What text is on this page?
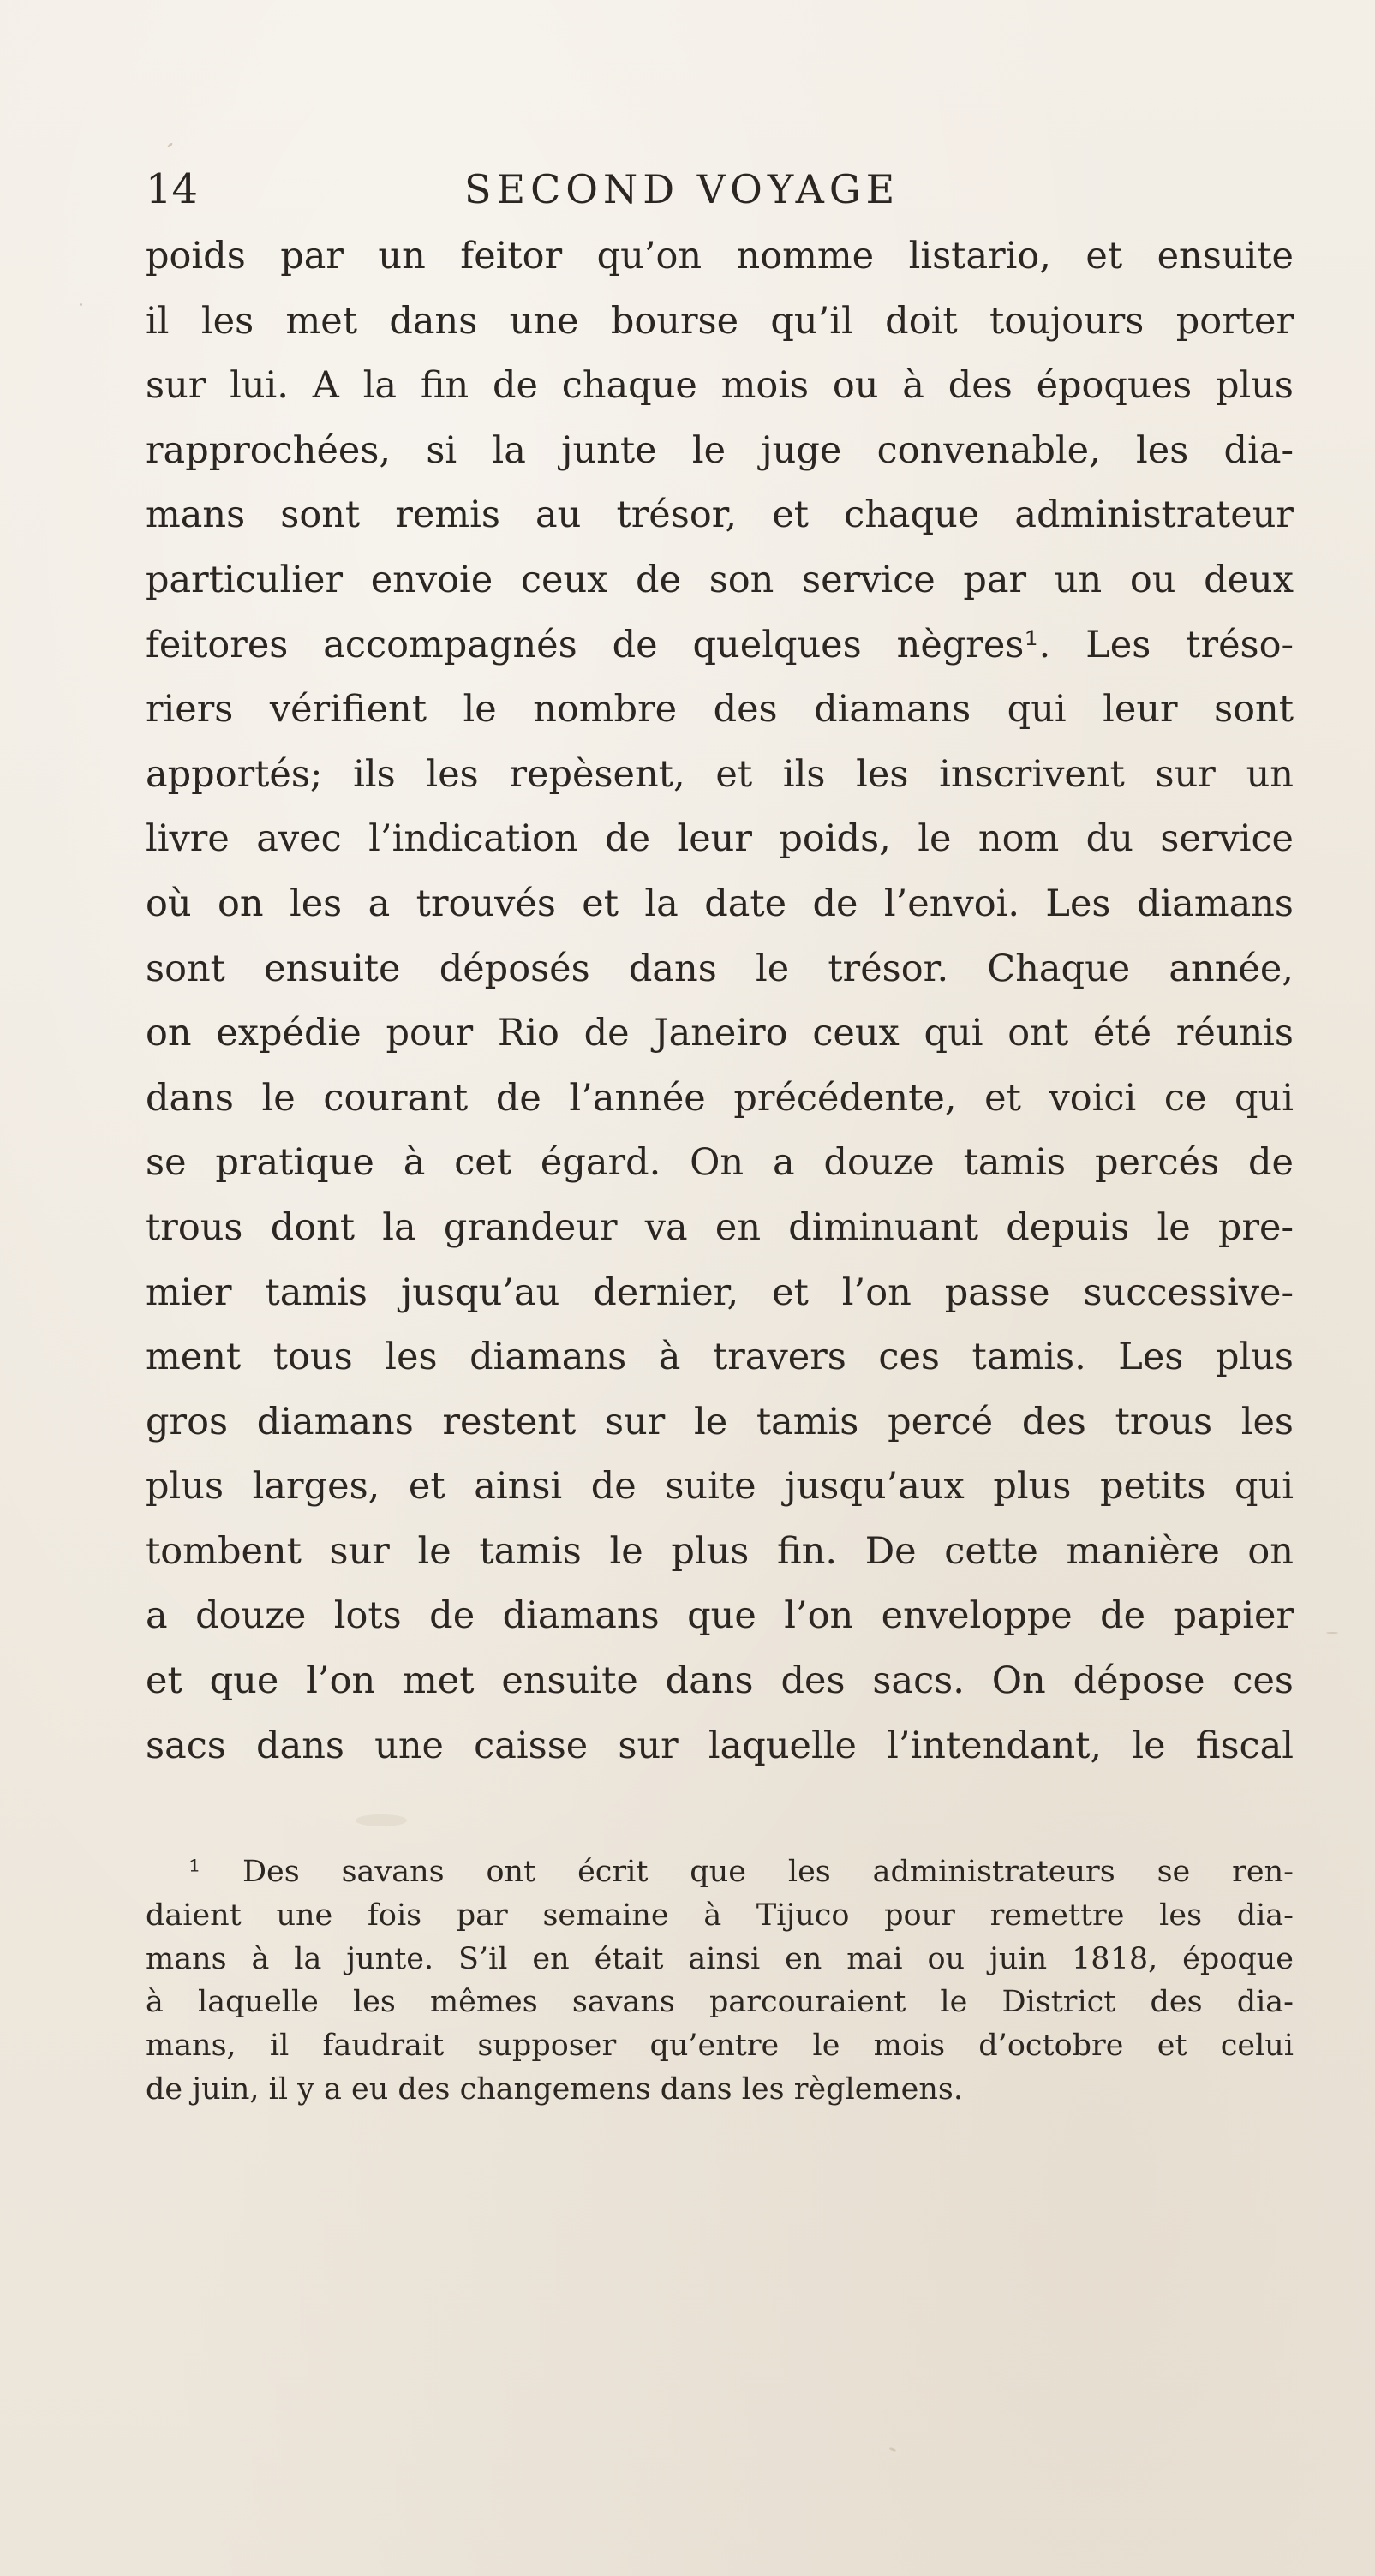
14	SECOND VOYAGE
poids par un feitor qu’on nomme listario, et ensuite
il les met dans une bourse qu’il doit toujours porter
sur lui. A la fin de chaque mois ou à des époques plus
rapprochées, si la junte le juge convenable, les dia-
mans sont remis au trésor, et chaque administrateur
particulier envoie ceux de son service par un ou deux
feitores accompagnés de quelques nègres¹. Les tréso-
riers vérifient le nombre des diamans qui leur sont
apportés; ils les repèsent, et ils les inscrivent sur un
livre avec l’indication de leur poids, le nom du service
où on les a trouvés et la date de l’envoi. Les diamans
sont ensuite déposés dans le trésor. Chaque année,
on expédie pour Rio de Janeiro ceux qui ont été réunis
dans le courant de l’année précédente, et voici ce qui
se pratique à cet égard. On a douze tamis percés de
trous dont la grandeur va en diminuant depuis le pre-
mier tamis jusqu’au dernier, et l’on passe successive-
ment tous les diamans à travers ces tamis. Les plus
gros diamans restent sur le tamis percé des trous les
plus larges, et ainsi de suite jusqu’aux plus petits qui
tombent sur le tamis le plus fin. De cette manière on
a douze lots de diamans que l’on enveloppe de papier
et que l’on met ensuite dans des sacs. On dépose ces
sacs dans une caisse sur laquelle l’intendant, le fiscal
¹ Des savans ont écrit que les administrateurs se ren-
daient une fois par semaine à Tijuco pour remettre les dia-
mans à la junte. S’il en était ainsi en mai ou juin 1818, époque
à laquelle les mêmes savans parcouraient le District des dia-
mans, il faudrait supposer qu’entre le mois d’octobre et celui
de juin, il y a eu des changemens dans les règlemens.
